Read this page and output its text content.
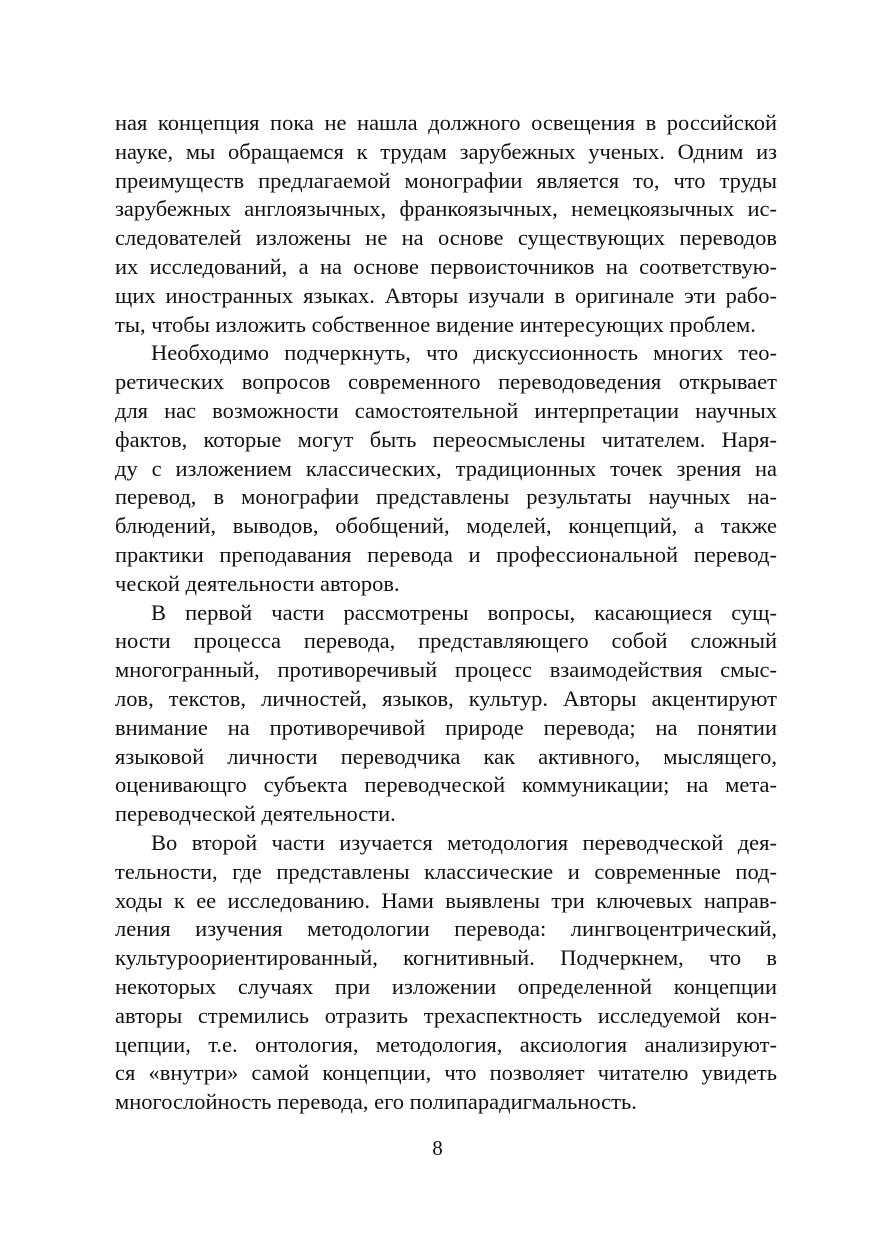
ная концепция пока не нашла должного освещения в российской
науке, мы обращаемся к трудам зарубежных ученых. Одним из
преимуществ предлагаемой монографии является то, что труды
зарубежных англоязычных, франкоязычных, немецкоязычных ис-
следователей изложены не на основе существующих переводов
их исследований, а на основе первоисточников на соответствую-
щих иностранных языках. Авторы изучали в оригинале эти рабо-
ты, чтобы изложить собственное видение интересующих проблем.
Необходимо подчеркнуть, что дискуссионность многих тео-
ретических вопросов современного переводоведения открывает
для нас возможности самостоятельной интерпретации научных
фактов, которые могут быть переосмыслены читателем. Наря-
ду с изложением классических, традиционных точек зрения на
перевод, в монографии представлены результаты научных на-
блюдений, выводов, обобщений, моделей, концепций, а также
практики преподавания перевода и профессиональной перевод-
ческой деятельности авторов.
В первой части рассмотрены вопросы, касающиеся сущ-
ности процесса перевода, представляющего собой сложный
многогранный, противоречивый процесс взаимодействия смыс-
лов, текстов, личностей, языков, культур. Авторы акцентируют
внимание на противоречивой природе перевода; на понятии
языковой личности переводчика как активного, мыслящего,
оценивающго субъекта переводческой коммуникации; на мета-
переводческой деятельности.
Во второй части изучается методология переводческой дея-
тельности, где представлены классические и современные под-
ходы к ее исследованию. Нами выявлены три ключевых направ-
ления изучения методологии перевода: лингвоцентрический,
культуроориентированный, когнитивный. Подчеркнем, что в
некоторых случаях при изложении определенной концепции
авторы стремились отразить трехаспектность исследуемой кон-
цепции, т.е. онтология, методология, аксиология анализируют-
ся «внутри» самой концепции, что позволяет читателю увидеть
многослойность перевода, его полипарадигмальность.
8
